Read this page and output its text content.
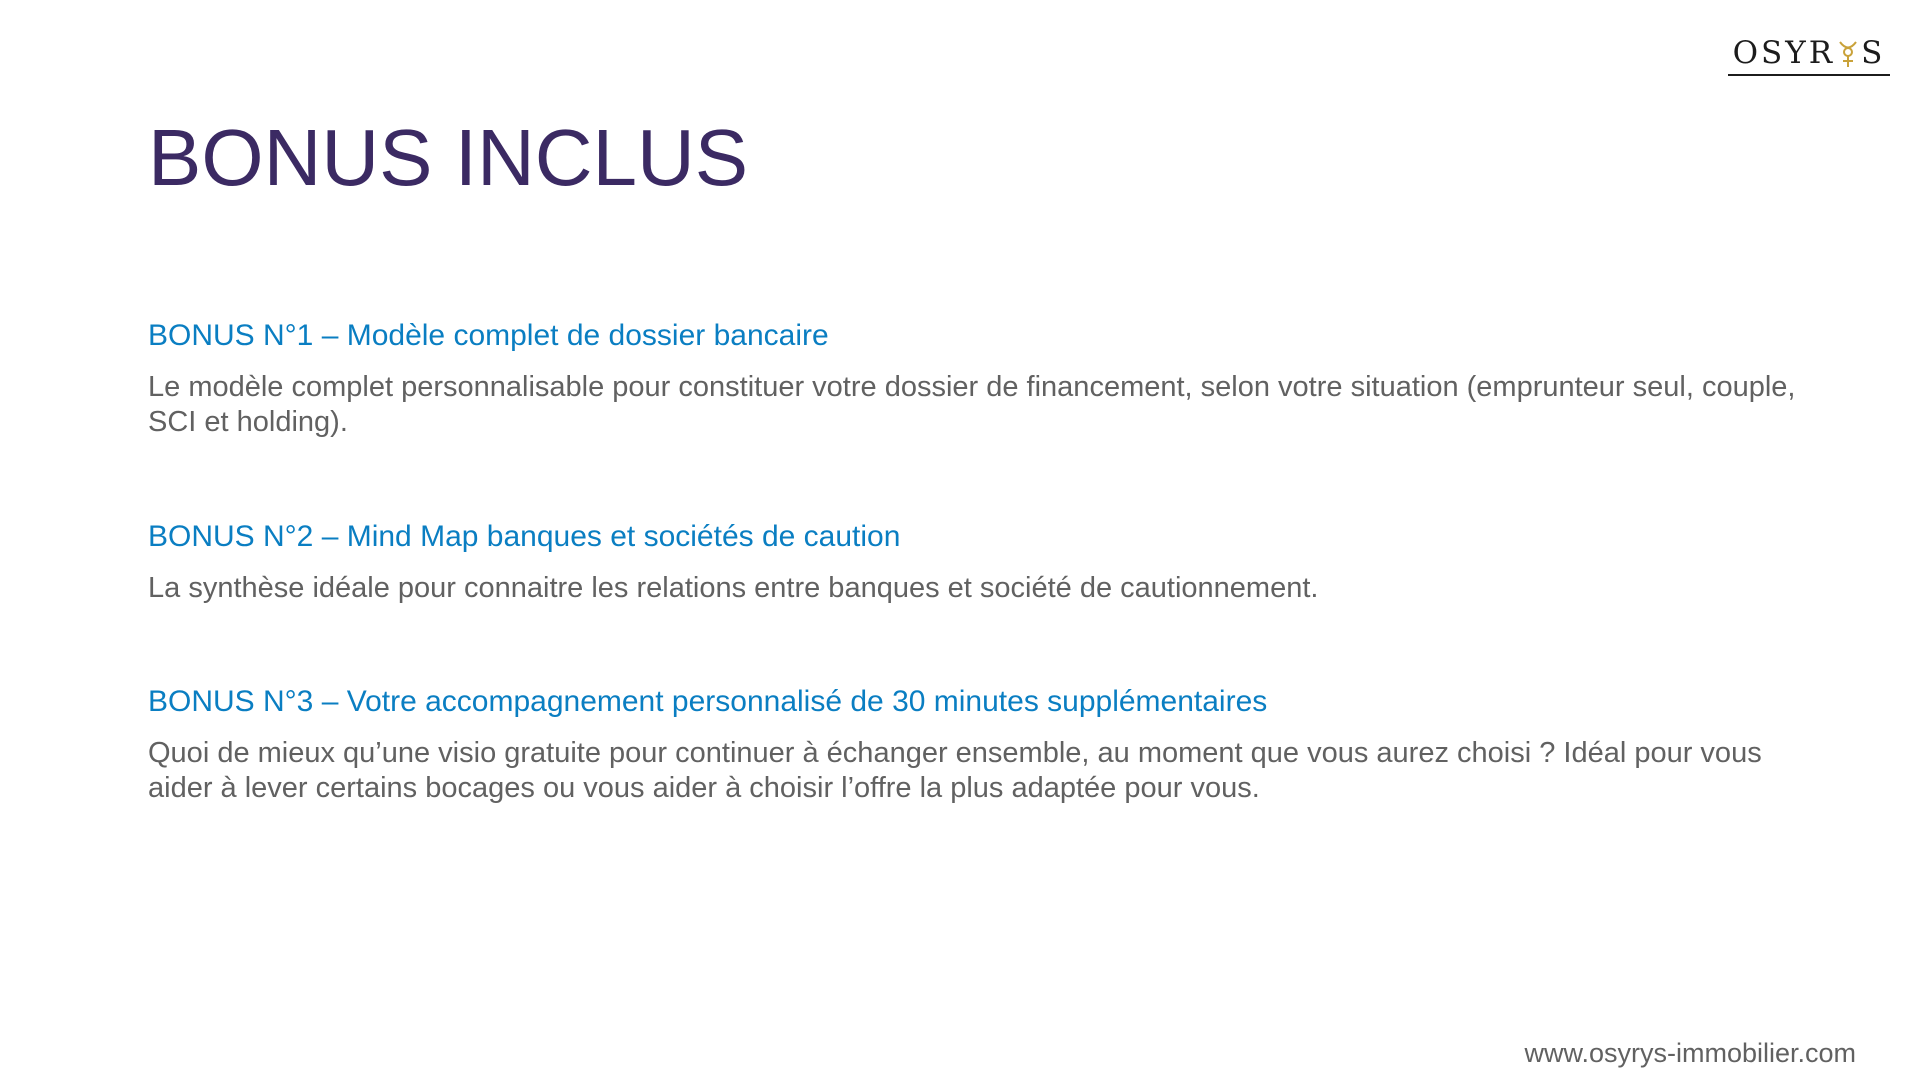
OSYR S
BONUS INCLUS
BONUS N°1 – Modèle complet de dossier bancaire

Le modèle complet personnalisable pour constituer votre dossier de financement, selon votre situation (emprunteur seul, couple, SCI et holding).

BONUS N°2 – Mind Map banques et sociétés de caution

La synthèse idéale pour connaitre les relations entre banques et société de cautionnement.

BONUS N°3 – Votre accompagnement personnalisé de 30 minutes supplémentaires

Quoi de mieux qu’une visio gratuite pour continuer à échanger ensemble, au moment que vous aurez choisi ? Idéal pour vous aider à lever certains bocages ou vous aider à choisir l’offre la plus adaptée pour vous.

www.osyrys-immobilier.com
